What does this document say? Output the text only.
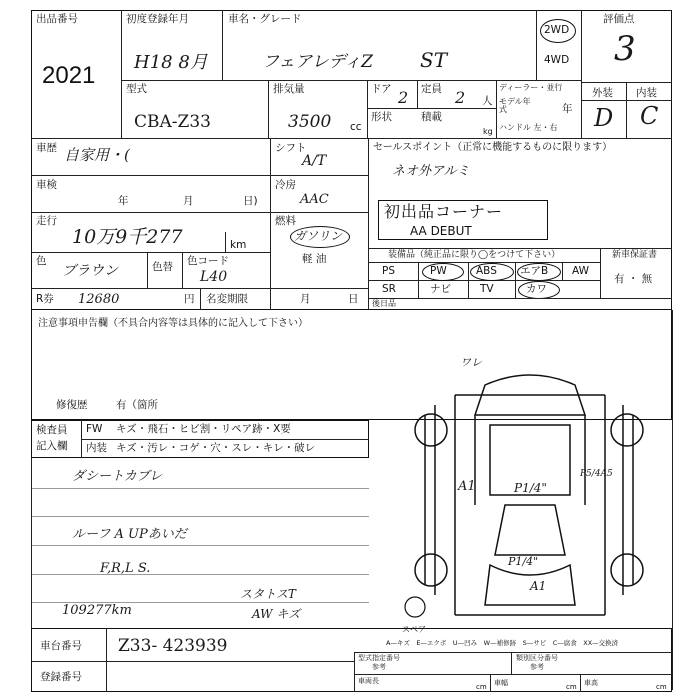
出品番号
2021
初度登録年月
H18 8月
車名・グレード
フェアレディZ ST
2WD
4WD
評価点
3
外装 内装
D C
型式
CBA-Z33
排気量
3500 cc
ドア 2 定員 2 人
ディーラー・並行
モデル年式	年
ハンドル 左・右
形状	積載
kg
車歴 自家用・(	シフト
A/T
セールスポイント（正常に機能するものに限ります）
ネオ外アルミ
車検
年	月	日)
冷房
AAC
走行
10万9千277	km
燃料
ガソリン
軽 油
初出品コーナー
AA DEBUT
色
ブラウン	色替 色コード
L40
装備品（純正品に限り◯をつけて下さい）	新車保証書
有 ・ 無
PS	PW	ABS エアB AW
SR	ナビ	TV	カワ
後日品
R券 12680	円 名変期限	月	日
注意事項申告欄（不具合内容等は具体的に記入して下さい）
修復歴	有（箇所
検査員
記入欄
FW キズ・飛石・ヒビ割・リペア跡・X要
内装 キズ・汚レ・コゲ・穴・スレ・キレ・破レ
ダシートカブレ
ルーフ A UPあいだ
F,R,L S.
109277km
スタトスT
AW キズ
ワレ
A1	P1/4"
P5/4A5
P1/4"
A1
スペア
車台番号 Z33- 423939
登録番号
A—キズ　E—エクボ　U—凹み　W—補修跡　S—サビ　C—腐食　XX—交換済
型式指定番号
参考
類別区分番号
参考
車両長
cm 車幅	cm 車高	cm
